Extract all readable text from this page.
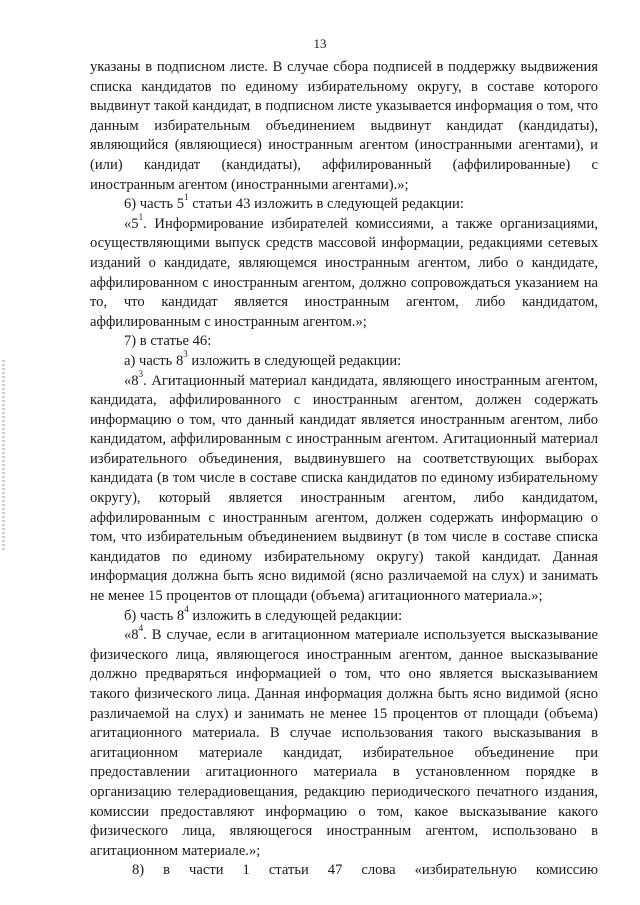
13

указаны в подписном листе. В случае сбора подписей в поддержку выдвижения списка кандидатов по единому избирательному округу, в составе которого выдвинут такой кандидат, в подписном листе указывается информация о том, что данным избирательным объединением выдвинут кандидат (кандидаты), являющийся (являющиеся) иностранным агентом (иностранными агентами), и (или) кандидат (кандидаты), аффилированный (аффилированные) с иностранным агентом (иностранными агентами).»;

6) часть $5^1$ статьи 43 изложить в следующей редакции:

«$5^1$. Информирование избирателей комиссиями, а также организациями, осуществляющими выпуск средств массовой информации, редакциями сетевых изданий о кандидате, являющемся иностранным агентом, либо о кандидате, аффилированном с иностранным агентом, должно сопровождаться указанием на то, что кандидат является иностранным агентом, либо кандидатом, аффилированным с иностранным агентом.»;

7) в статье 46:

а) часть $8^3$ изложить в следующей редакции:

«$8^3$. Агитационный материал кандидата, являющего иностранным агентом, кандидата, аффилированного с иностранным агентом, должен содержать информацию о том, что данный кандидат является иностранным агентом, либо кандидатом, аффилированным с иностранным агентом. Агитационный материал избирательного объединения, выдвинувшего на соответствующих выборах кандидата (в том числе в составе списка кандидатов по единому избирательному округу), который является иностранным агентом, либо кандидатом, аффилированным с иностранным агентом, должен содержать информацию о том, что избирательным объединением выдвинут (в том числе в составе списка кандидатов по единому избирательному округу) такой кандидат. Данная информация должна быть ясно видимой (ясно различаемой на слух) и занимать не менее 15 процентов от площади (объема) агитационного материала.»;

б) часть $8^4$ изложить в следующей редакции:

«$8^4$. В случае, если в агитационном материале используется высказывание физического лица, являющегося иностранным агентом, данное высказывание должно предваряться информацией о том, что оно является высказыванием такого физического лица. Данная информация должна быть ясно видимой (ясно различаемой на слух) и занимать не менее 15 процентов от площади (объема) агитационного материала. В случае использования такого высказывания в агитационном материале кандидат, избирательное объединение при предоставлении агитационного материала в установленном порядке в организацию телерадиовещания, редакцию периодического печатного издания, комиссии предоставляют информацию о том, какое высказывание какого физического лица, являющегося иностранным агентом, использовано в агитационном материале.»;

8) в части 1 статьи 47 слова «избирательную комиссию
